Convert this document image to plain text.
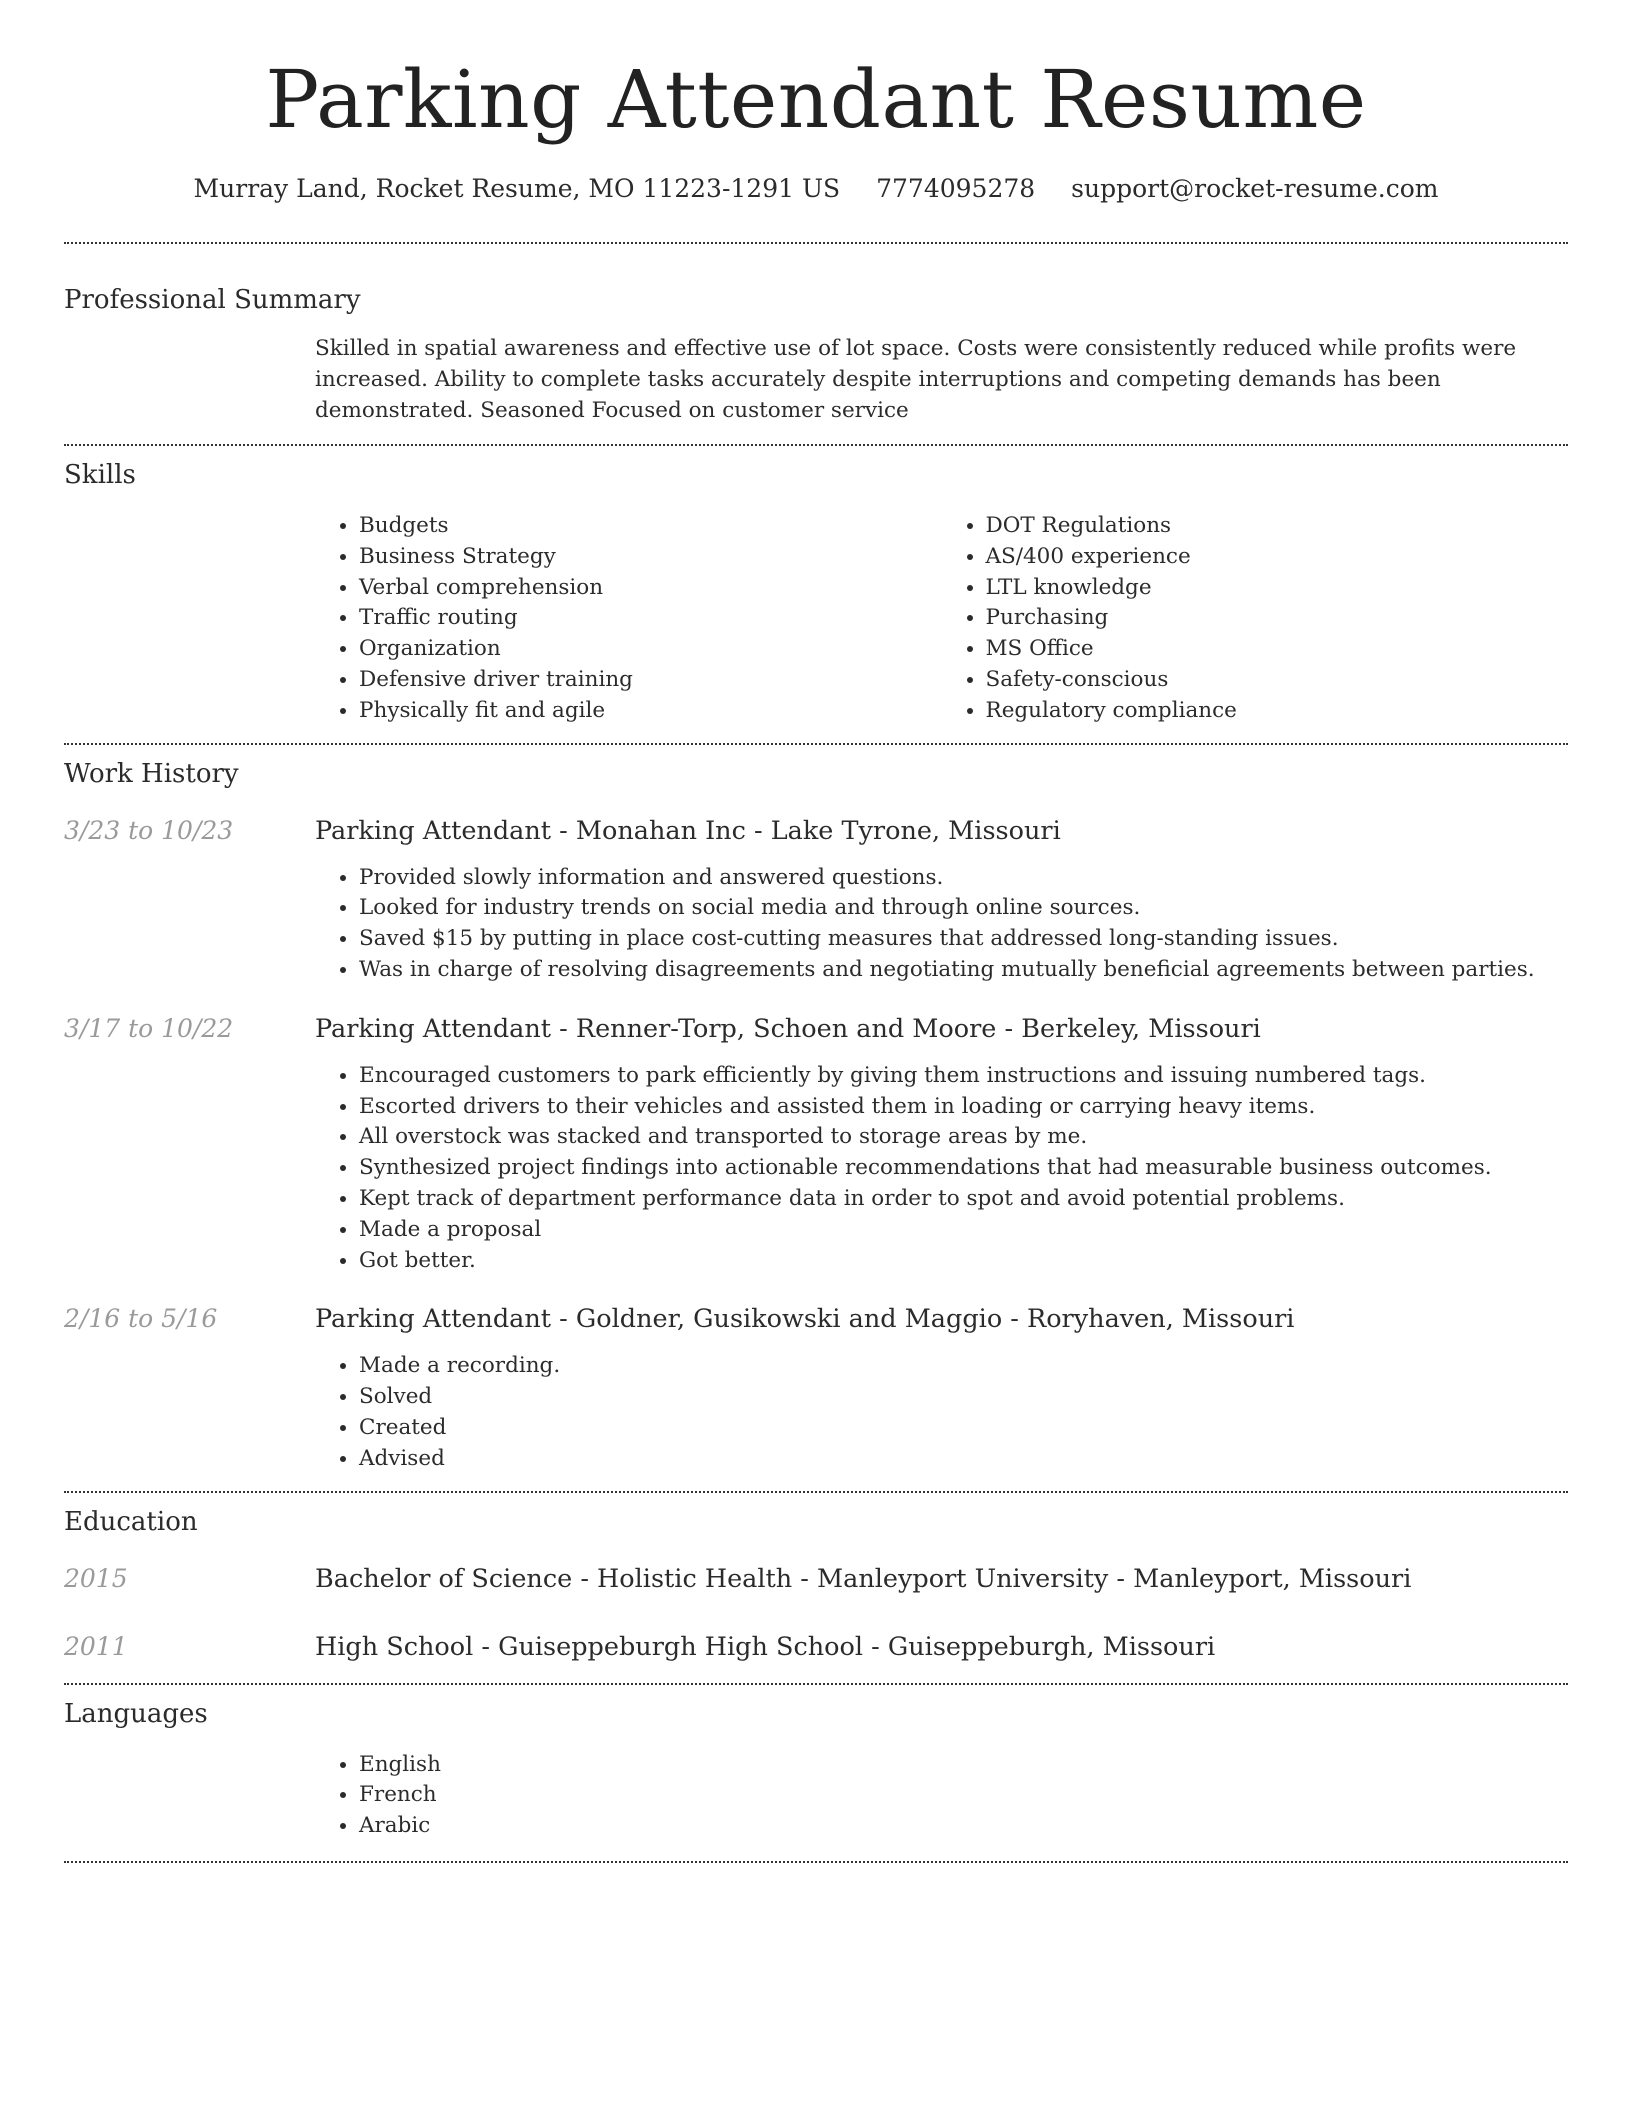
Parking Attendant Resume
Murray Land, Rocket Resume, MO 11223-1291 US 7774095278 support@rocket-resume.com
Professional Summary

Skilled in spatial awareness and effective use of lot space. Costs were consistently reduced while profits were increased. Ability to complete tasks accurately despite interruptions and competing demands has been demonstrated. Seasoned Focused on customer service

Skills
• Budgets
• Business Strategy
• Verbal comprehension
• Traffic routing
• Organization
• Defensive driver training
• Physically fit and agile
• DOT Regulations
• AS/400 experience
• LTL knowledge
• Purchasing
• MS Office
• Safety-conscious
• Regulatory compliance
Work History
3/23 to 10/23	Parking Attendant - Monahan Inc - Lake Tyrone, Missouri
• Provided slowly information and answered questions.
• Looked for industry trends on social media and through online sources.
• Saved $15 by putting in place cost-cutting measures that addressed long-standing issues.
• Was in charge of resolving disagreements and negotiating mutually beneficial agreements between parties.
3/17 to 10/22	Parking Attendant - Renner-Torp, Schoen and Moore - Berkeley, Missouri
• Encouraged customers to park efficiently by giving them instructions and issuing numbered tags.
• Escorted drivers to their vehicles and assisted them in loading or carrying heavy items.
• All overstock was stacked and transported to storage areas by me.
• Synthesized project findings into actionable recommendations that had measurable business outcomes.
• Kept track of department performance data in order to spot and avoid potential problems.
• Made a proposal
• Got better.
2/16 to 5/16	Parking Attendant - Goldner, Gusikowski and Maggio - Roryhaven, Missouri
• Made a recording.
• Solved
• Created
• Advised
Education
2015	Bachelor of Science - Holistic Health - Manleyport University - Manleyport, Missouri
2011	High School - Guiseppeburgh High School - Guiseppeburgh, Missouri
Languages
• English
• French
• Arabic
